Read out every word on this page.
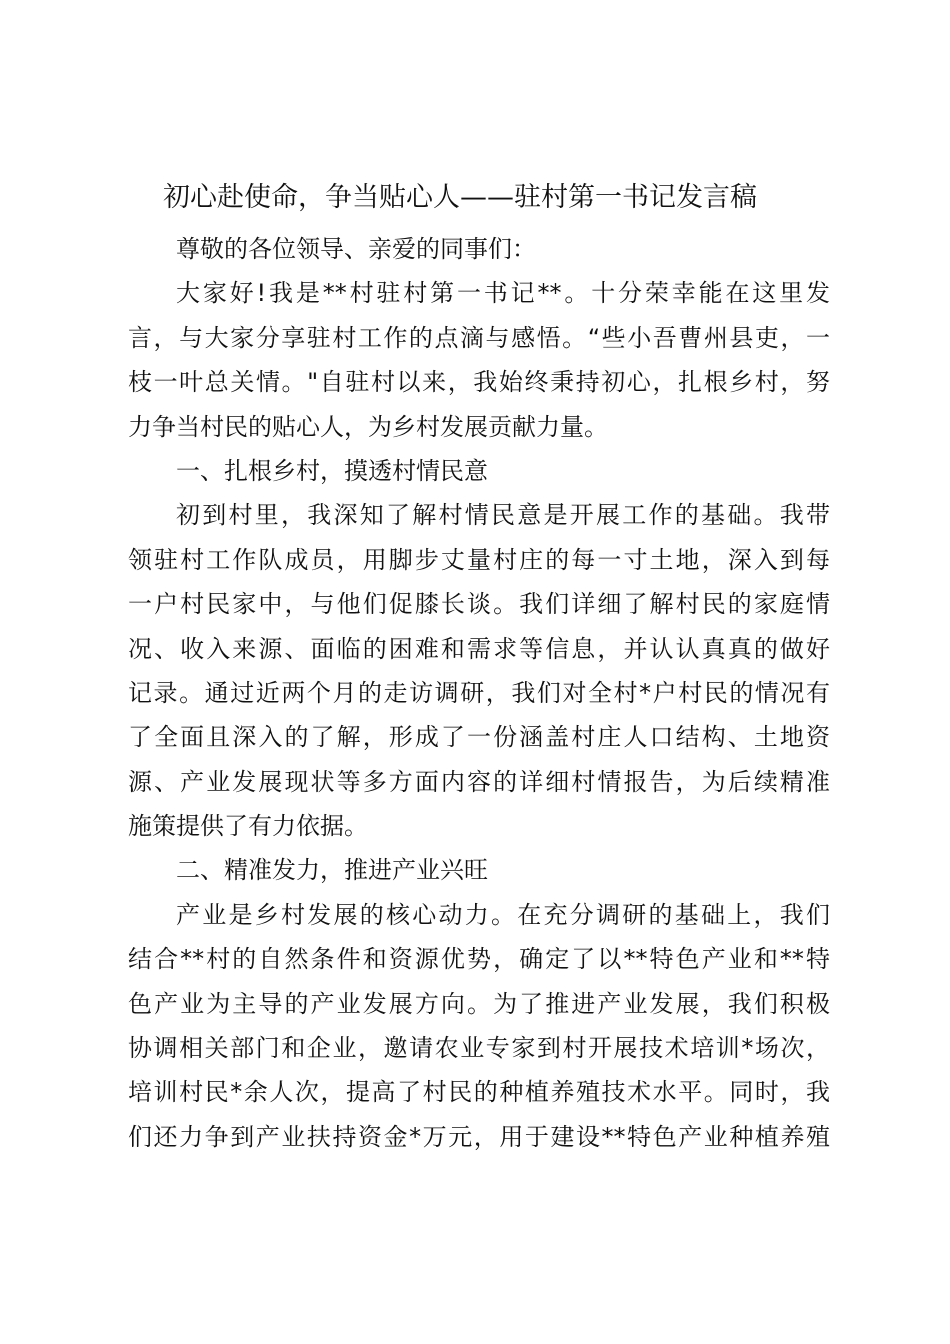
初心赴使命，争当贴心人——驻村第一书记发言稿
尊敬的各位领导、亲爱的同事们：
大家好!我是**村驻村第一书记**。十分荣幸能在这里发
言，与大家分享驻村工作的点滴与感悟。“些小吾曹州县吏，一
枝一叶总关情。"自驻村以来，我始终秉持初心，扎根乡村，努
力争当村民的贴心人，为乡村发展贡献力量。
一、扎根乡村，摸透村情民意
初到村里，我深知了解村情民意是开展工作的基础。我带
领驻村工作队成员，用脚步丈量村庄的每一寸土地，深入到每
一户村民家中，与他们促膝长谈。我们详细了解村民的家庭情
况、收入来源、面临的困难和需求等信息，并认认真真的做好
记录。通过近两个月的走访调研，我们对全村*户村民的情况有
了全面且深入的了解，形成了一份涵盖村庄人口结构、土地资
源、产业发展现状等多方面内容的详细村情报告，为后续精准
施策提供了有力依据。
二、精准发力，推进产业兴旺
产业是乡村发展的核心动力。在充分调研的基础上，我们
结合**村的自然条件和资源优势，确定了以**特色产业和**特
色产业为主导的产业发展方向。为了推进产业发展，我们积极
协调相关部门和企业，邀请农业专家到村开展技术培训*场次，
培训村民*余人次，提高了村民的种植养殖技术水平。同时，我
们还力争到产业扶持资金*万元，用于建设**特色产业种植养殖
